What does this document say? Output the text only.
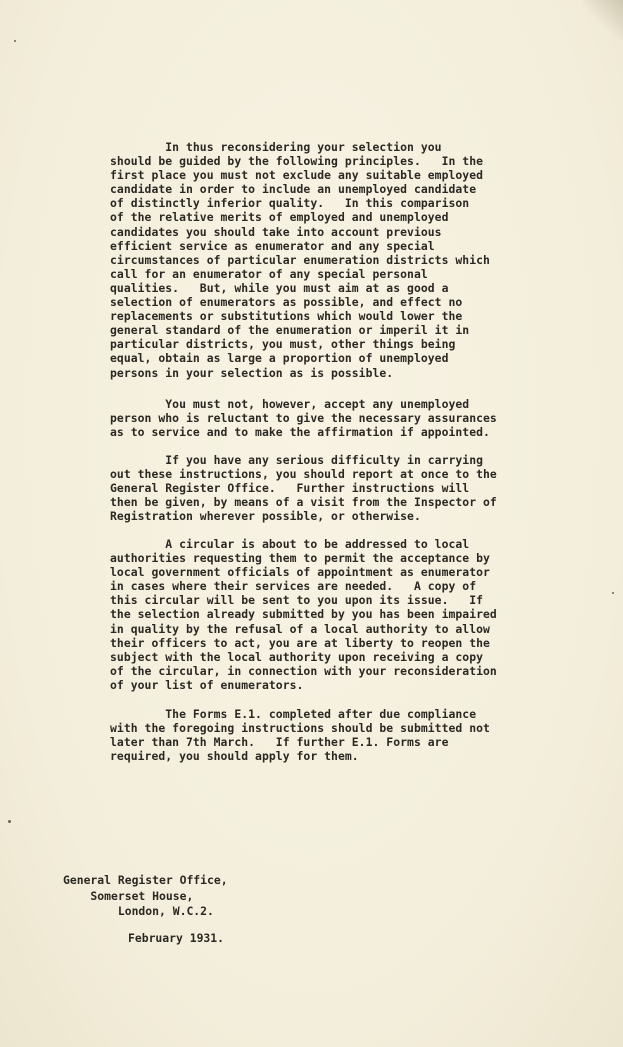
In thus reconsidering your selection you
should be guided by the following principles.   In the
first place you must not exclude any suitable employed
candidate in order to include an unemployed candidate
of distinctly inferior quality.   In this comparison
of the relative merits of employed and unemployed
candidates you should take into account previous
efficient service as enumerator and any special
circumstances of particular enumeration districts which
call for an enumerator of any special personal
qualities.   But, while you must aim at as good a
selection of enumerators as possible, and effect no
replacements or substitutions which would lower the
general standard of the enumeration or imperil it in
particular districts, you must, other things being
equal, obtain as large a proportion of unemployed
persons in your selection as is possible.

You must not, however, accept any unemployed
person who is reluctant to give the necessary assurances
as to service and to make the affirmation if appointed.

If you have any serious difficulty in carrying
out these instructions, you should report at once to the
General Register Office.   Further instructions will
then be given, by means of a visit from the Inspector of
Registration wherever possible, or otherwise.

A circular is about to be addressed to local
authorities requesting them to permit the acceptance by
local government officials of appointment as enumerator
in cases where their services are needed.   A copy of
this circular will be sent to you upon its issue.   If
the selection already submitted by you has been impaired
in quality by the refusal of a local authority to allow
their officers to act, you are at liberty to reopen the
subject with the local authority upon receiving a copy
of the circular, in connection with your reconsideration
of your list of enumerators.

The Forms E.1. completed after due compliance
with the foregoing instructions should be submitted not
later than 7th March.   If further E.1. Forms are
required, you should apply for them.

General Register Office,
Somerset House,
London, W.C.2.

February 1931.
